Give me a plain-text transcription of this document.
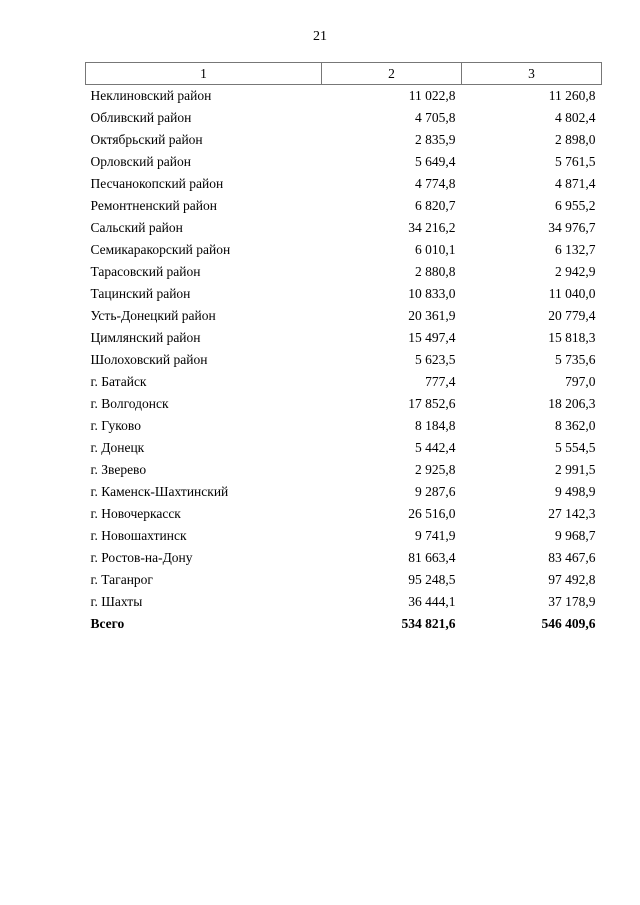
21
1	2	3
Неклиновский район	11 022,8	11 260,8
Обливский район	4 705,8	4 802,4
Октябрьский район	2 835,9	2 898,0
Орловский район	5 649,4	5 761,5
Песчанокопский район	4 774,8	4 871,4
Ремонтненский район	6 820,7	6 955,2
Сальский район	34 216,2	34 976,7
Семикаракорский район	6 010,1	6 132,7
Тарасовский район	2 880,8	2 942,9
Тацинский район	10 833,0	11 040,0
Усть-Донецкий район	20 361,9	20 779,4
Цимлянский район	15 497,4	15 818,3
Шолоховский район	5 623,5	5 735,6
г. Батайск	777,4	797,0
г. Волгодонск	17 852,6	18 206,3
г. Гуково	8 184,8	8 362,0
г. Донецк	5 442,4	5 554,5
г. Зверево	2 925,8	2 991,5
г. Каменск-Шахтинский	9 287,6	9 498,9
г. Новочеркасск	26 516,0	27 142,3
г. Новошахтинск	9 741,9	9 968,7
г. Ростов-на-Дону	81 663,4	83 467,6
г. Таганрог	95 248,5	97 492,8
г. Шахты	36 444,1	37 178,9
Всего	534 821,6	546 409,6
